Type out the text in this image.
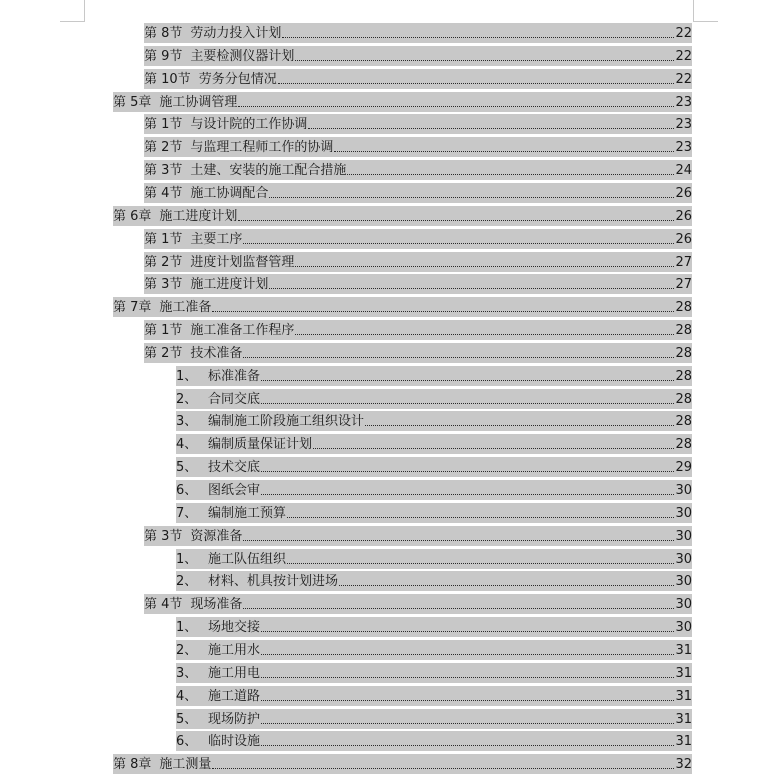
第 8节 劳动力投入计划	22
第 9节 主要检测仪器计划	22
第 10节 劳务分包情况	22
第 5章 施工协调管理	23
第 1节 与设计院的工作协调	23
第 2节 与监理工程师工作的协调	23
第 3节 土建、安装的施工配合措施	24
第 4节 施工协调配合	26
第 6章 施工进度计划	26
第 1节 主要工序	26
第 2节 进度计划监督管理	27
第 3节 施工进度计划	27
第 7章 施工准备	28
第 1节 施工准备工作程序	28
第 2节 技术准备	28
1、 标准准备	28
2、 合同交底	28
3、 编制施工阶段施工组织设计	28
4、 编制质量保证计划	28
5、 技术交底	29
6、 图纸会审	30
7、 编制施工预算	30
第 3节 资源准备	30
1、 施工队伍组织	30
2、 材料、机具按计划进场	30
第 4节 现场准备	30
1、 场地交接	30
2、 施工用水	31
3、 施工用电	31
4、 施工道路	31
5、 现场防护	31
6、 临时设施	31
第 8章 施工测量	32
